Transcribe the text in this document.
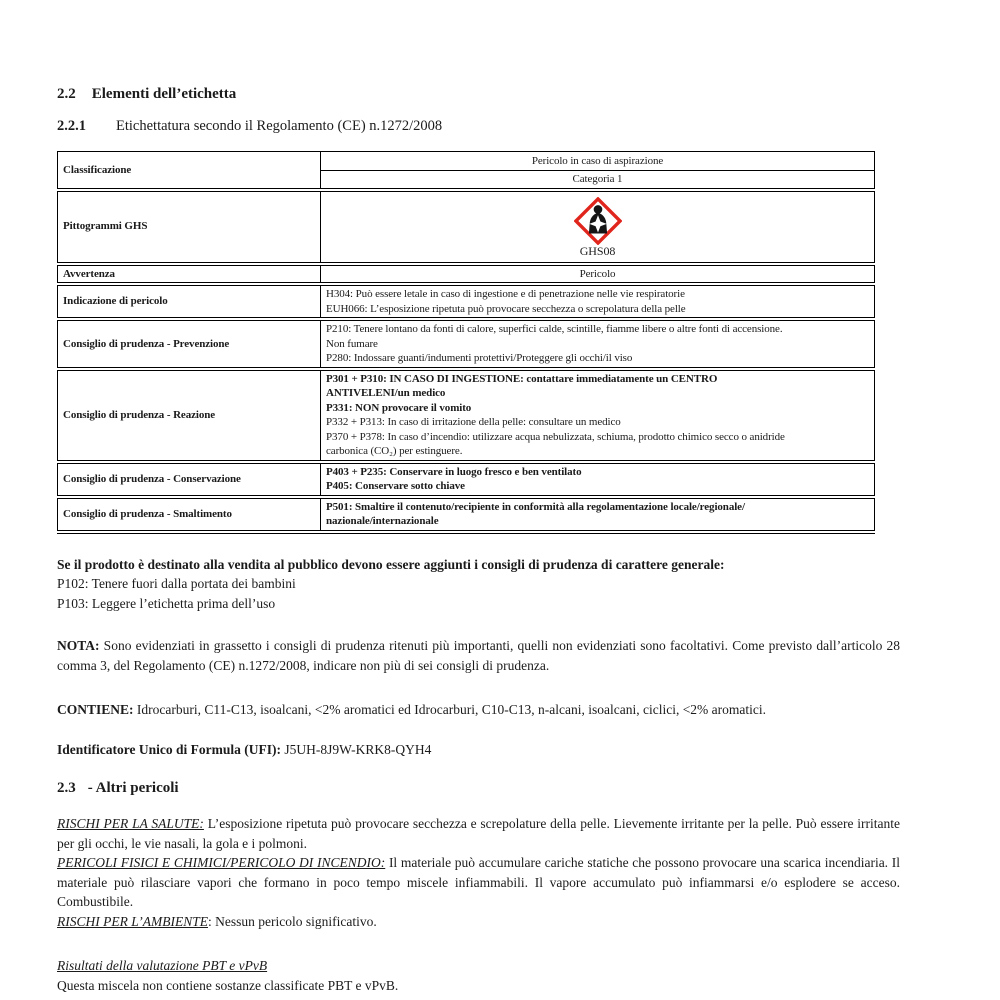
2.2 Elementi dell’etichetta
2.2.1 Etichettatura secondo il Regolamento (CE) n.1272/2008
Classificazione	Pericolo in caso di aspirazione
	Categoria 1
Pittogrammi GHS	GHS08

Avvertenza	Pericolo
Indicazione di pericolo	H304: Può essere letale in caso di ingestione e di penetrazione nelle vie respiratorie
EUH066: L’esposizione ripetuta può provocare secchezza o screpolatura della pelle

Consiglio di prudenza - Prevenzione	P210: Tenere lontano da fonti di calore, superfici calde, scintille, fiamme libere o altre fonti di accensione.
Non fumare
P280: Indossare guanti/indumenti protettivi/Proteggere gli occhi/il viso

Consiglio di prudenza - Reazione	
P301 + P310: IN CASO DI INGESTIONE: contattare immediatamente un CENTRO
ANTIVELENI/un medico
P331: NON provocare il vomito
P332 + P313: In caso di irritazione della pelle: consultare un medico
P370 + P378: In caso d’incendio: utilizzare acqua nebulizzata, schiuma, prodotto chimico secco o anidride
carbonica (CO₂) per estinguere.

Consiglio di prudenza - Conservazione	P403 + P235: Conservare in luogo fresco e ben ventilato
P405: Conservare sotto chiave

Consiglio di prudenza - Smaltimento	P501: Smaltire il contenuto/recipiente in conformità alla regolamentazione locale/regionale/
nazionale/internazionale
Se il prodotto è destinato alla vendita al pubblico devono essere aggiunti i consigli di prudenza di carattere generale:
P102: Tenere fuori dalla portata dei bambini
P103: Leggere l’etichetta prima dell’uso
NOTA: Sono evidenziati in grassetto i consigli di prudenza ritenuti più importanti, quelli non evidenziati sono facoltativi. Come previsto dall’articolo 28 comma 3, del Regolamento (CE) n.1272/2008, indicare non più di sei consigli di prudenza.
CONTIENE: Idrocarburi, C11-C13, isoalcani, <2% aromatici ed Idrocarburi, C10-C13, n-alcani, isoalcani, ciclici, <2% aromatici.
Identificatore Unico di Formula (UFI): J5UH-8J9W-KRK8-QYH4
2.3 - Altri pericoli
RISCHI PER LA SALUTE: L’esposizione ripetuta può provocare secchezza e screpolature della pelle. Lievemente irritante per la pelle. Può essere irritante per gli occhi, le vie nasali, la gola e i polmoni.
PERICOLI FISICI E CHIMICI/PERICOLO DI INCENDIO: Il materiale può accumulare cariche statiche che possono provocare una scarica incendiaria. Il materiale può rilasciare vapori che formano in poco tempo miscele infiammabili. Il vapore accumulato può infiammarsi e/o esplodere se acceso. Combustibile.
RISCHI PER L’AMBIENTE: Nessun pericolo significativo.
Risultati della valutazione PBT e vPvB
Questa miscela non contiene sostanze classificate PBT e vPvB.
